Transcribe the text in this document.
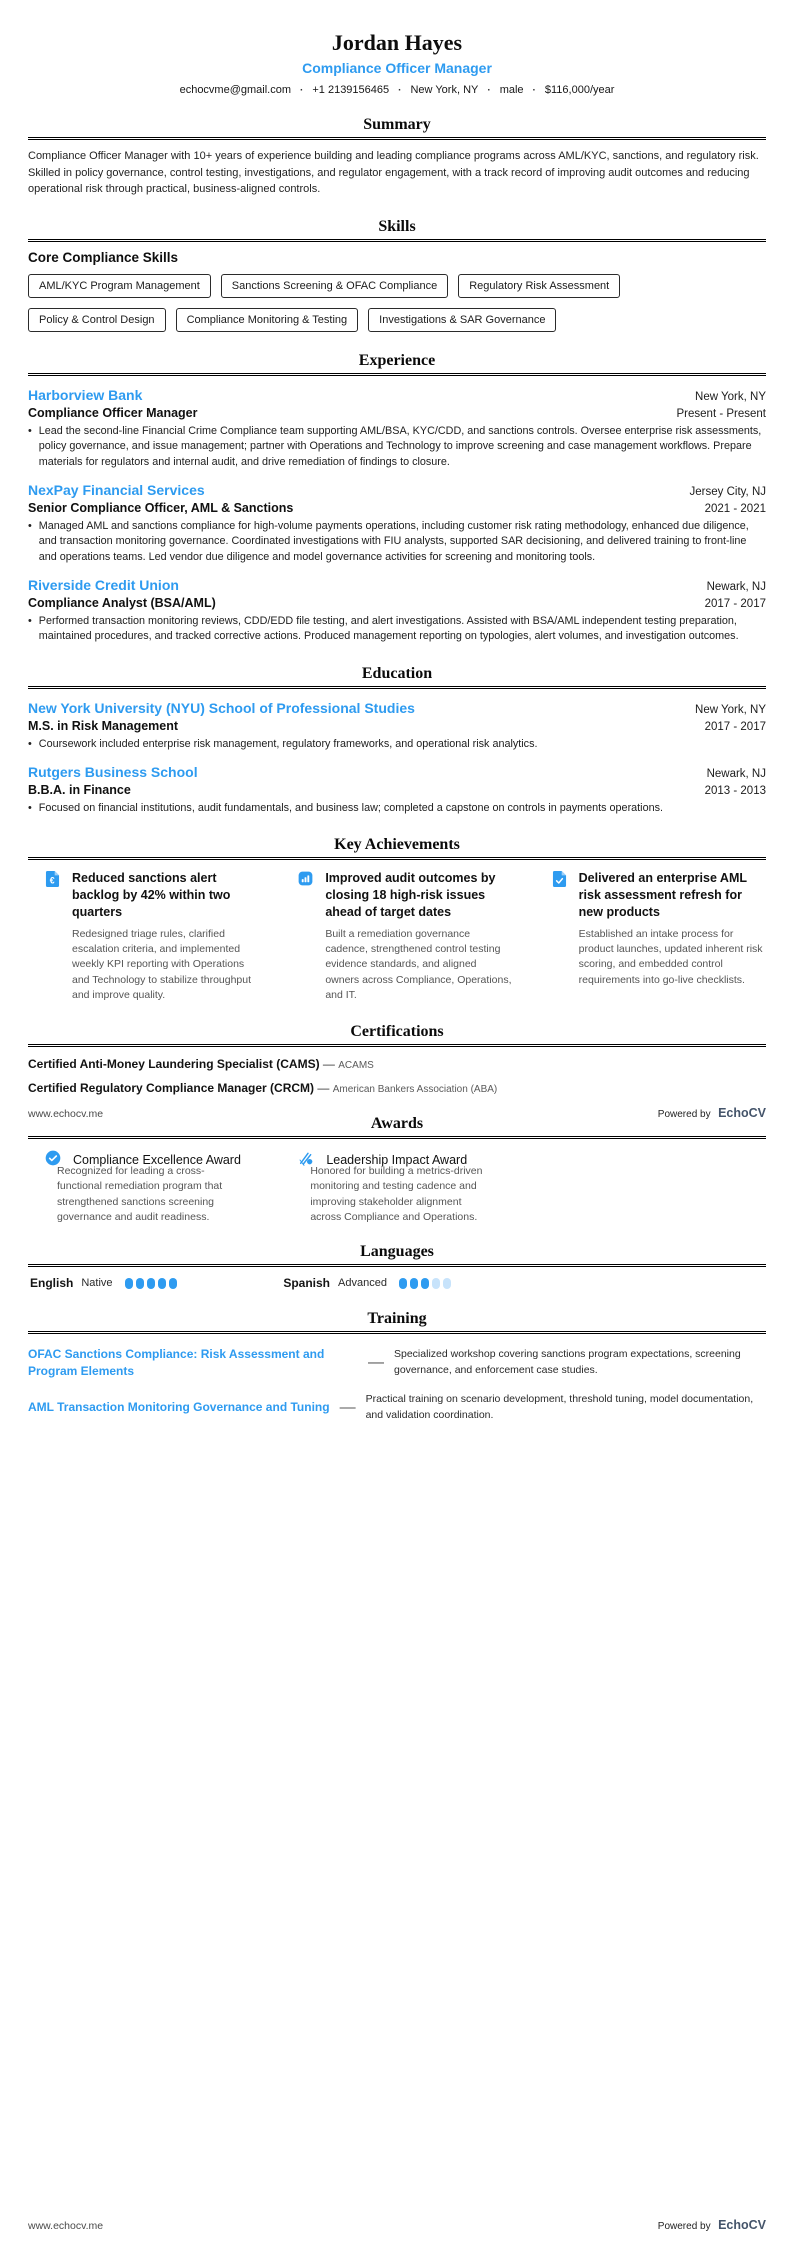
Jordan Hayes
Compliance Officer Manager
echocvme@gmail.com · +1 2139156465 · New York, NY · male · $116,000/year
Summary
Compliance Officer Manager with 10+ years of experience building and leading compliance programs across AML/KYC, sanctions, and regulatory risk. Skilled in policy governance, control testing, investigations, and regulator engagement, with a track record of improving audit outcomes and reducing operational risk through practical, business-aligned controls.
Skills
Core Compliance Skills
AML/KYC Program Management	Sanctions Screening & OFAC Compliance	Regulatory Risk Assessment
Policy & Control Design	Compliance Monitoring & Testing	Investigations & SAR Governance
Experience
Harborview Bank	New York, NY
Compliance Officer Manager	Present - Present
• Lead the second-line Financial Crime Compliance team supporting AML/BSA, KYC/CDD, and sanctions controls. Oversee enterprise risk assessments, policy governance, and issue management; partner with Operations and Technology to improve screening and case management workflows. Prepare materials for regulators and internal audit, and drive remediation of findings to closure.
NexPay Financial Services	Jersey City, NJ
Senior Compliance Officer, AML & Sanctions	2021 - 2021
• Managed AML and sanctions compliance for high-volume payments operations, including customer risk rating methodology, enhanced due diligence, and transaction monitoring governance. Coordinated investigations with FIU analysts, supported SAR decisioning, and delivered training to front-line and operations teams. Led vendor due diligence and model governance activities for screening and monitoring tools.
Riverside Credit Union	Newark, NJ
Compliance Analyst (BSA/AML)	2017 - 2017
• Performed transaction monitoring reviews, CDD/EDD file testing, and alert investigations. Assisted with BSA/AML independent testing preparation, maintained procedures, and tracked corrective actions. Produced management reporting on typologies, alert volumes, and investigation outcomes.
Education
New York University (NYU) School of Professional Studies	New York, NY
M.S. in Risk Management	2017 - 2017
• Coursework included enterprise risk management, regulatory frameworks, and operational risk analytics.
Rutgers Business School	Newark, NJ
B.B.A. in Finance	2013 - 2013
• Focused on financial institutions, audit fundamentals, and business law; completed a capstone on controls in payments operations.
Key Achievements
€ Reduced sanctions alert backlog by 42% within two quarters
Redesigned triage rules, clarified escalation criteria, and implemented weekly KPI reporting with Operations and Technology to stabilize throughput and improve quality.
Improved audit outcomes by closing 18 high-risk issues ahead of target dates
Built a remediation governance cadence, strengthened control testing evidence standards, and aligned owners across Compliance, Operations, and IT.
Delivered an enterprise AML risk assessment refresh for new products
Established an intake process for product launches, updated inherent risk scoring, and embedded control requirements into go-live checklists.
Certifications
Certified Anti-Money Laundering Specialist (CAMS) — ACAMS
Certified Regulatory Compliance Manager (CRCM) — American Bankers Association (ABA)
Awards
Compliance Excellence Award	Leadership Impact Award
www.echocv.me	Powered by EchoCV
Recognized for leading a cross-functional remediation program that strengthened sanctions screening governance and audit readiness.
Honored for building a metrics-driven monitoring and testing cadence and improving stakeholder alignment across Compliance and Operations.
Languages
English Native	Spanish Advanced
Training
OFAC Sanctions Compliance: Risk Assessment and Program Elements	— Specialized workshop covering sanctions program expectations, screening governance, and enforcement case studies.
AML Transaction Monitoring Governance and Tuning — Practical training on scenario development, threshold tuning, model documentation, and validation coordination.
www.echocv.me	Powered by EchoCV
